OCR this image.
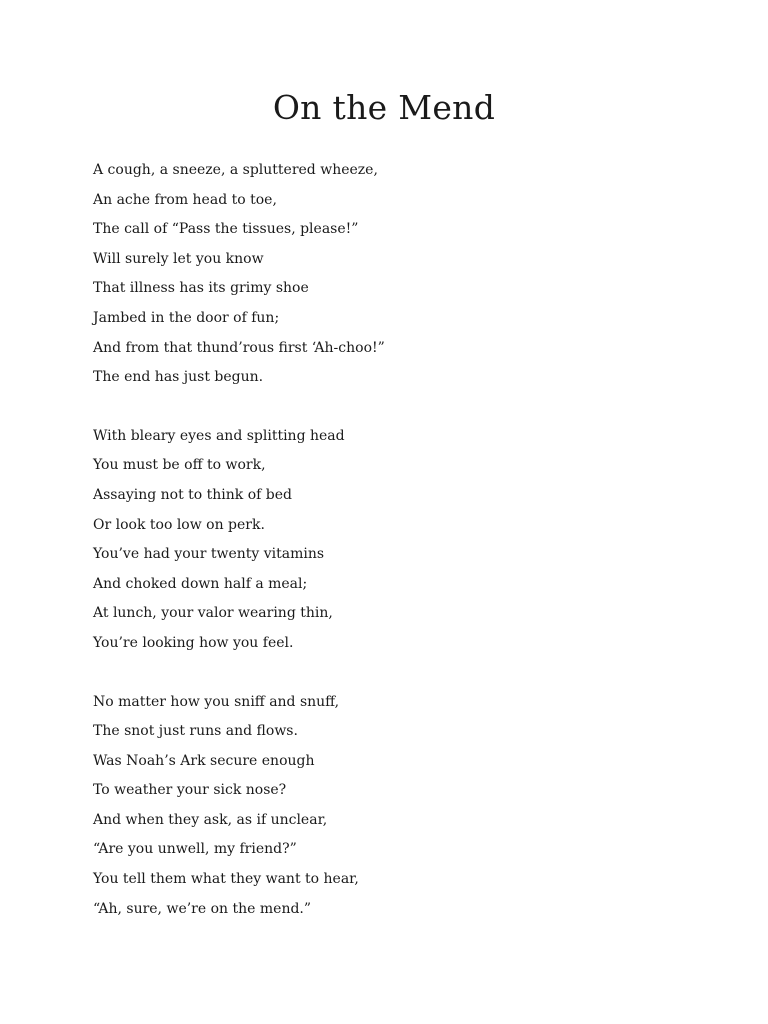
On the Mend
A cough, a sneeze, a spluttered wheeze,
An ache from head to toe,
The call of “Pass the tissues, please!”
Will surely let you know
That illness has its grimy shoe
Jambed in the door of fun;
And from that thund’rous first ‘Ah-choo!”
The end has just begun.
With bleary eyes and splitting head
You must be off to work,
Assaying not to think of bed
Or look too low on perk.
You’ve had your twenty vitamins
And choked down half a meal;
At lunch, your valor wearing thin,
You’re looking how you feel.
No matter how you sniff and snuff,
The snot just runs and flows.
Was Noah’s Ark secure enough
To weather your sick nose?
And when they ask, as if unclear,
“Are you unwell, my friend?”
You tell them what they want to hear,
“Ah, sure, we’re on the mend.”
